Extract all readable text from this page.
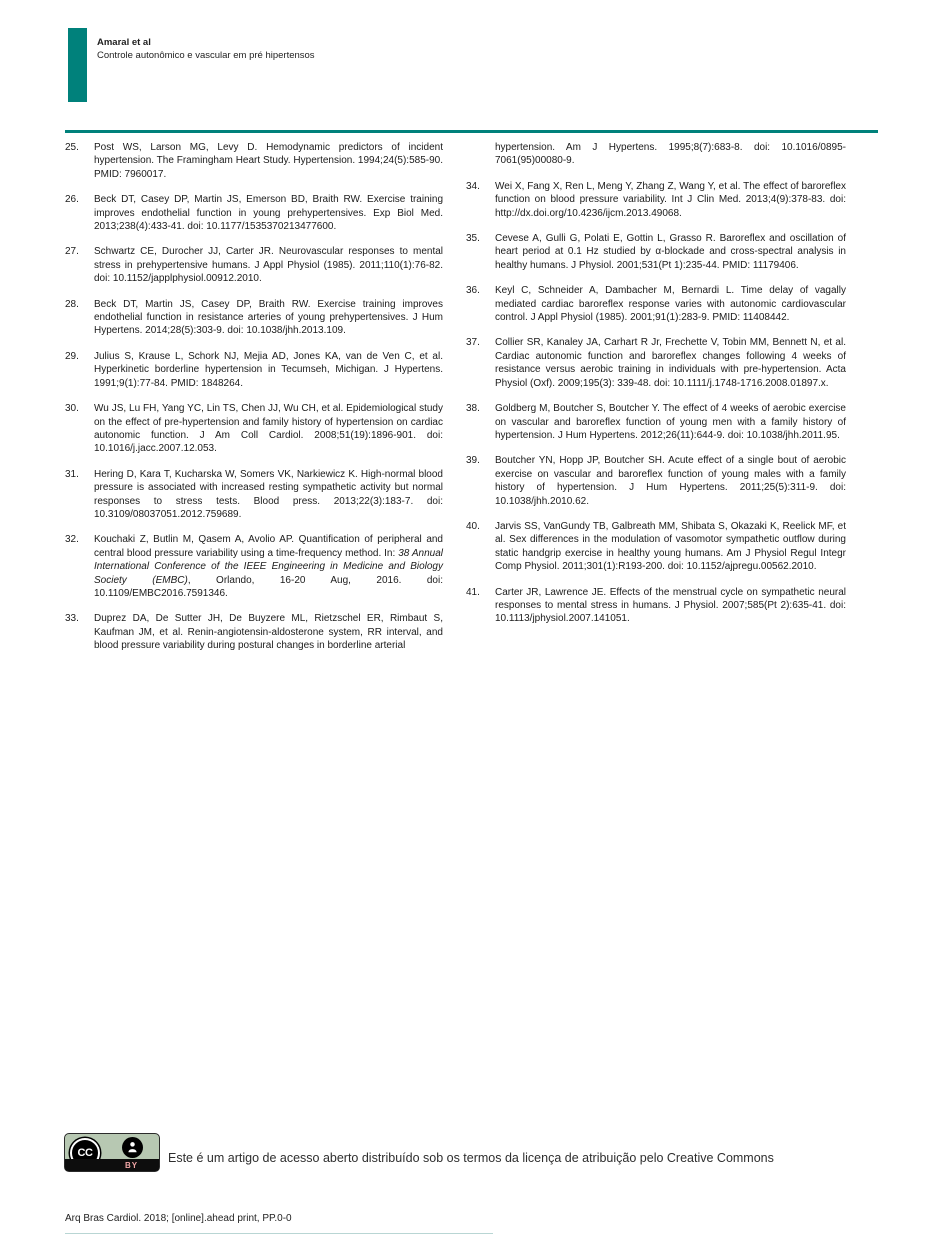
Amaral et al
Controle autonômico e vascular em pré hipertensos
25.	Post WS, Larson MG, Levy D. Hemodynamic predictors of incident hypertension. The Framingham Heart Study. Hypertension. 1994;24(5):585-90. PMID: 7960017.
26.	Beck DT, Casey DP, Martin JS, Emerson BD, Braith RW. Exercise training improves endothelial function in young prehypertensives. Exp Biol Med. 2013;238(4):433-41. doi: 10.1177/1535370213477600.
27.	Schwartz CE, Durocher JJ, Carter JR. Neurovascular responses to mental stress in prehypertensive humans. J Appl Physiol (1985). 2011;110(1):76-82. doi: 10.1152/japplphysiol.00912.2010.
28.	Beck DT, Martin JS, Casey DP, Braith RW. Exercise training improves endothelial function in resistance arteries of young prehypertensives. J Hum Hypertens. 2014;28(5):303-9. doi: 10.1038/jhh.2013.109.
29.	Julius S, Krause L, Schork NJ, Mejia AD, Jones KA, van de Ven C, et al. Hyperkinetic borderline hypertension in Tecumseh, Michigan. J Hypertens. 1991;9(1):77-84. PMID: 1848264.
30.	Wu JS, Lu FH, Yang YC, Lin TS, Chen JJ, Wu CH, et al. Epidemiological study on the effect of pre-hypertension and family history of hypertension on cardiac autonomic function. J Am Coll Cardiol. 2008;51(19):1896-901. doi: 10.1016/j.jacc.2007.12.053.
31.	Hering D, Kara T, Kucharska W, Somers VK, Narkiewicz K. High-normal blood pressure is associated with increased resting sympathetic activity but normal responses to stress tests. Blood press. 2013;22(3):183-7. doi: 10.3109/08037051.2012.759689.
32.	Kouchaki Z, Butlin M, Qasem A, Avolio AP. Quantification of peripheral and central blood pressure variability using a time-frequency method. In: 38 Annual International Conference of the IEEE Engineering in Medicine and Biology Society (EMBC), Orlando, 16-20 Aug, 2016. doi: 10.1109/EMBC2016.7591346.
33.	Duprez DA, De Sutter JH, De Buyzere ML, Rietzschel ER, Rimbaut S, Kaufman JM, et al. Renin-angiotensin-aldosterone system, RR interval, and blood pressure variability during postural changes in borderline arterial
hypertension. Am J Hypertens. 1995;8(7):683-8. doi: 10.1016/0895-7061(95)00080-9.
34.	Wei X, Fang X, Ren L, Meng Y, Zhang Z, Wang Y, et al. The effect of baroreflex function on blood pressure variability. Int J Clin Med. 2013;4(9):378-83. doi: http://dx.doi.org/10.4236/ijcm.2013.49068.
35.	Cevese A, Gulli G, Polati E, Gottin L, Grasso R. Baroreflex and oscillation of heart period at 0.1 Hz studied by α-blockade and cross-spectral analysis in healthy humans. J Physiol. 2001;531(Pt 1):235-44. PMID: 11179406.
36.	Keyl C, Schneider A, Dambacher M, Bernardi L. Time delay of vagally mediated cardiac baroreflex response varies with autonomic cardiovascular control. J Appl Physiol (1985). 2001;91(1):283-9. PMID: 11408442.
37.	Collier SR, Kanaley JA, Carhart R Jr, Frechette V, Tobin MM, Bennett N, et al. Cardiac autonomic function and baroreflex changes following 4 weeks of resistance versus aerobic training in individuals with pre-hypertension. Acta Physiol (Oxf). 2009;195(3): 339-48. doi: 10.1111/j.1748-1716.2008.01897.x.
38.	Goldberg M, Boutcher S, Boutcher Y. The effect of 4 weeks of aerobic exercise on vascular and baroreflex function of young men with a family history of hypertension. J Hum Hypertens. 2012;26(11):644-9. doi: 10.1038/jhh.2011.95.
39.	Boutcher YN, Hopp JP, Boutcher SH. Acute effect of a single bout of aerobic exercise on vascular and baroreflex function of young males with a family history of hypertension. J Hum Hypertens. 2011;25(5):311-9. doi: 10.1038/jhh.2010.62.
40.	Jarvis SS, VanGundy TB, Galbreath MM, Shibata S, Okazaki K, Reelick MF, et al. Sex differences in the modulation of vasomotor sympathetic outflow during static handgrip exercise in healthy young humans. Am J Physiol Regul Integr Comp Physiol. 2011;301(1):R193-200. doi: 10.1152/ajpregu.00562.2010.
41.	Carter JR, Lawrence JE. Effects of the menstrual cycle on sympathetic neural responses to mental stress in humans. J Physiol. 2007;585(Pt 2):635-41. doi: 10.1113/jphysiol.2007.141051.
CC
BY Este é um artigo de acesso aberto distribuído sob os termos da licença de atribuição pelo Creative Commons

Arq Bras Cardiol. 2018; [online].ahead print, PP.0-0
